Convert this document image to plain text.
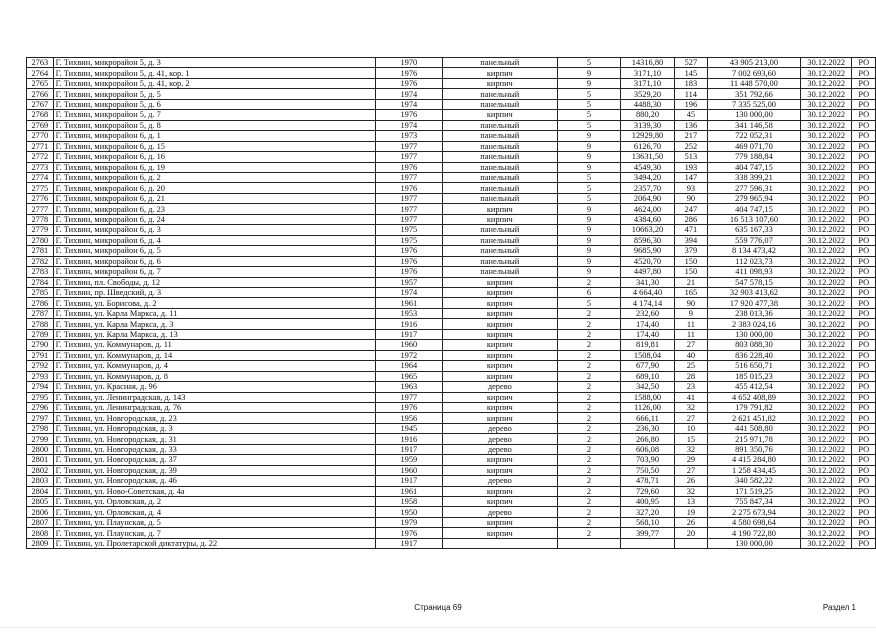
2763	Г. Тихвин, микрорайон 5, д. 3	1970	панельный	5	14316,80	527	43 905 213,00	30.12.2022	РО
2764	Г. Тихвин, микрорайон 5, д. 41, кор. 1	1976	кирпич	9	3171,10	145	7 002 693,60	30.12.2022	РО
2765	Г. Тихвин, микрорайон 5, д. 41, кор. 2	1976	кирпич	9	3171,10	183	11 448 570,00	30.12.2022	РО
2766	Г. Тихвин, микрорайон 5, д. 5	1974	панельный	5	3529,20	114	351 792,66	30.12.2022	РО
2767	Г. Тихвин, микрорайон 5, д. 6	1974	панельный	5	4488,30	196	7 335 525,00	30.12.2022	РО
2768	Г. Тихвин, микрорайон 5, д. 7	1976	кирпич	5	880,20	45	130 000,00	30.12.2022	РО
2769	Г. Тихвин, микрорайон 5, д. 8	1974	панельный	5	3139,30	136	341 146,58	30.12.2022	РО
2770	Г. Тихвин, микрорайон 6, д. 1	1973	панельный	9	12929,80	217	722 052,31	30.12.2022	РО
2771	Г. Тихвин, микрорайон 6, д. 15	1977	панельный	9	6126,70	252	469 071,70	30.12.2022	РО
2772	Г. Тихвин, микрорайон 6, д. 16	1977	панельный	9	13631,50	513	779 188,84	30.12.2022	РО
2773	Г. Тихвин, микрорайон 6, д. 19	1976	панельный	9	4549,30	193	404 747,15	30.12.2022	РО
2774	Г. Тихвин, микрорайон 6, д. 2	1977	панельный	5	3494,20	147	338 399,21	30.12.2022	РО
2775	Г. Тихвин, микрорайон 6, д. 20	1976	панельный	5	2357,70	93	277 596,31	30.12.2022	РО
2776	Г. Тихвин, микрорайон 6, д. 21	1977	панельный	5	2064,90	90	279 965,94	30.12.2022	РО
2777	Г. Тихвин, микрорайон 6, д. 23	1977	кирпич	9	4624,00	247	404 747,15	30.12.2022	РО
2778	Г. Тихвин, микрорайон 6, д. 24	1977	кирпич	9	4384,60	286	16 513 107,60	30.12.2022	РО
2779	Г. Тихвин, микрорайон 6, д. 3	1975	панельный	9	10663,20	471	635 167,33	30.12.2022	РО
2780	Г. Тихвин, микрорайон 6, д. 4	1975	панельный	9	8596,30	394	559 776,07	30.12.2022	РО
2781	Г. Тихвин, микрорайон 6, д. 5	1976	панельный	9	9685,90	379	8 134 473,42	30.12.2022	РО
2782	Г. Тихвин, микрорайон 6, д. 6	1976	панельный	9	4520,70	150	112 023,73	30.12.2022	РО
2783	Г. Тихвин, микрорайон 6, д. 7	1976	панельный	9	4497,80	150	411 098,93	30.12.2022	РО
2784	Г. Тихвин, пл. Свободы, д. 12	1957	кирпич	2	341,30	21	547 578,15	30.12.2022	РО
2785	Г. Тихвин, пр. Шведский, д. 3	1974	кирпич	6	4 664,40	165	32 903 413,62	30.12.2022	РО
2786	Г. Тихвин, ул. Борисова, д. 2	1961	кирпич	5	4 174,14	90	17 920 477,38	30.12.2022	РО
2787	Г. Тихвин, ул. Карла Маркса, д. 11	1953	кирпич	2	232,60	9	238 013,36	30.12.2022	РО
2788	Г. Тихвин, ул. Карла Маркса, д. 3	1916	кирпич	2	174,40	11	2 383 024,16	30.12.2022	РО
2789	Г. Тихвин, ул. Карла Маркса, д. 13	1917	кирпич	2	174,40	11	130 000,00	30.12.2022	РО
2790	Г. Тихвин, ул. Коммунаров, д. 11	1960	кирпич	2	819,81	27	803 088,30	30.12.2022	РО
2791	Г. Тихвин, ул. Коммунаров, д. 14	1972	кирпич	2	1508,04	40	836 228,40	30.12.2022	РО
2792	Г. Тихвин, ул. Коммунаров, д. 4	1964	кирпич	2	677,90	25	516 650,71	30.12.2022	РО
2793	Г. Тихвин, ул. Коммунаров, д. 8	1965	кирпич	2	689,10	28	185 015,23	30.12.2022	РО
2794	Г. Тихвин, ул. Красная, д. 96	1963	дерево	2	342,50	23	455 412,54	30.12.2022	РО
2795	Г. Тихвин, ул. Ленинградская, д. 143	1977	кирпич	2	1588,00	41	4 652 408,89	30.12.2022	РО
2796	Г. Тихвин, ул. Ленинградская, д. 76	1976	кирпич	2	1126,00	32	179 791,82	30.12.2022	РО
2797	Г. Тихвин, ул. Новгородская, д. 23	1956	кирпич	2	666,11	27	2 621 451,82	30.12.2022	РО
2798	Г. Тихвин, ул. Новгородская, д. 3	1945	дерево	2	236,30	10	441 508,80	30.12.2022	РО
2799	Г. Тихвин, ул. Новгородская, д. 31	1916	дерево	2	266,80	15	215 971,78	30.12.2022	РО
2800	Г. Тихвин, ул. Новгородская, д. 33	1917	дерево	2	606,08	32	891 350,76	30.12.2022	РО
2801	Г. Тихвин, ул. Новгородская, д. 37	1959	кирпич	2	703,90	29	4 415 284,80	30.12.2022	РО
2802	Г. Тихвин, ул. Новгородская, д. 39	1960	кирпич	2	750,50	27	1 258 434,45	30.12.2022	РО
2803	Г. Тихвин, ул. Новгородская, д. 46	1917	дерево	2	478,71	26	340 582,22	30.12.2022	РО
2804	Г. Тихвин, ул. Ново-Советская, д. 4а	1961	кирпич	2	729,60	32	171 519,25	30.12.2022	РО
2805	Г. Тихвин, ул. Орловская, д. 2	1958	кирпич	2	400,95	13	755 847,34	30.12.2022	РО
2806	Г. Тихвин, ул. Орловская, д. 4	1950	дерево	2	327,20	19	2 275 673,94	30.12.2022	РО
2807	Г. Тихвин, ул. Плаунская, д. 5	1979	кирпич	2	568,10	26	4 580 698,64	30.12.2022	РО
2808	Г. Тихвин, ул. Плаунская, д. 7	1976	кирпич	2	399,77	20	4 190 722,80	30.12.2022	РО
2809	Г. Тихвин, ул. Пролетарской диктатуры, д. 22	1917					130 000,00	30.12.2022	РО
Страница 69	Раздел 1
